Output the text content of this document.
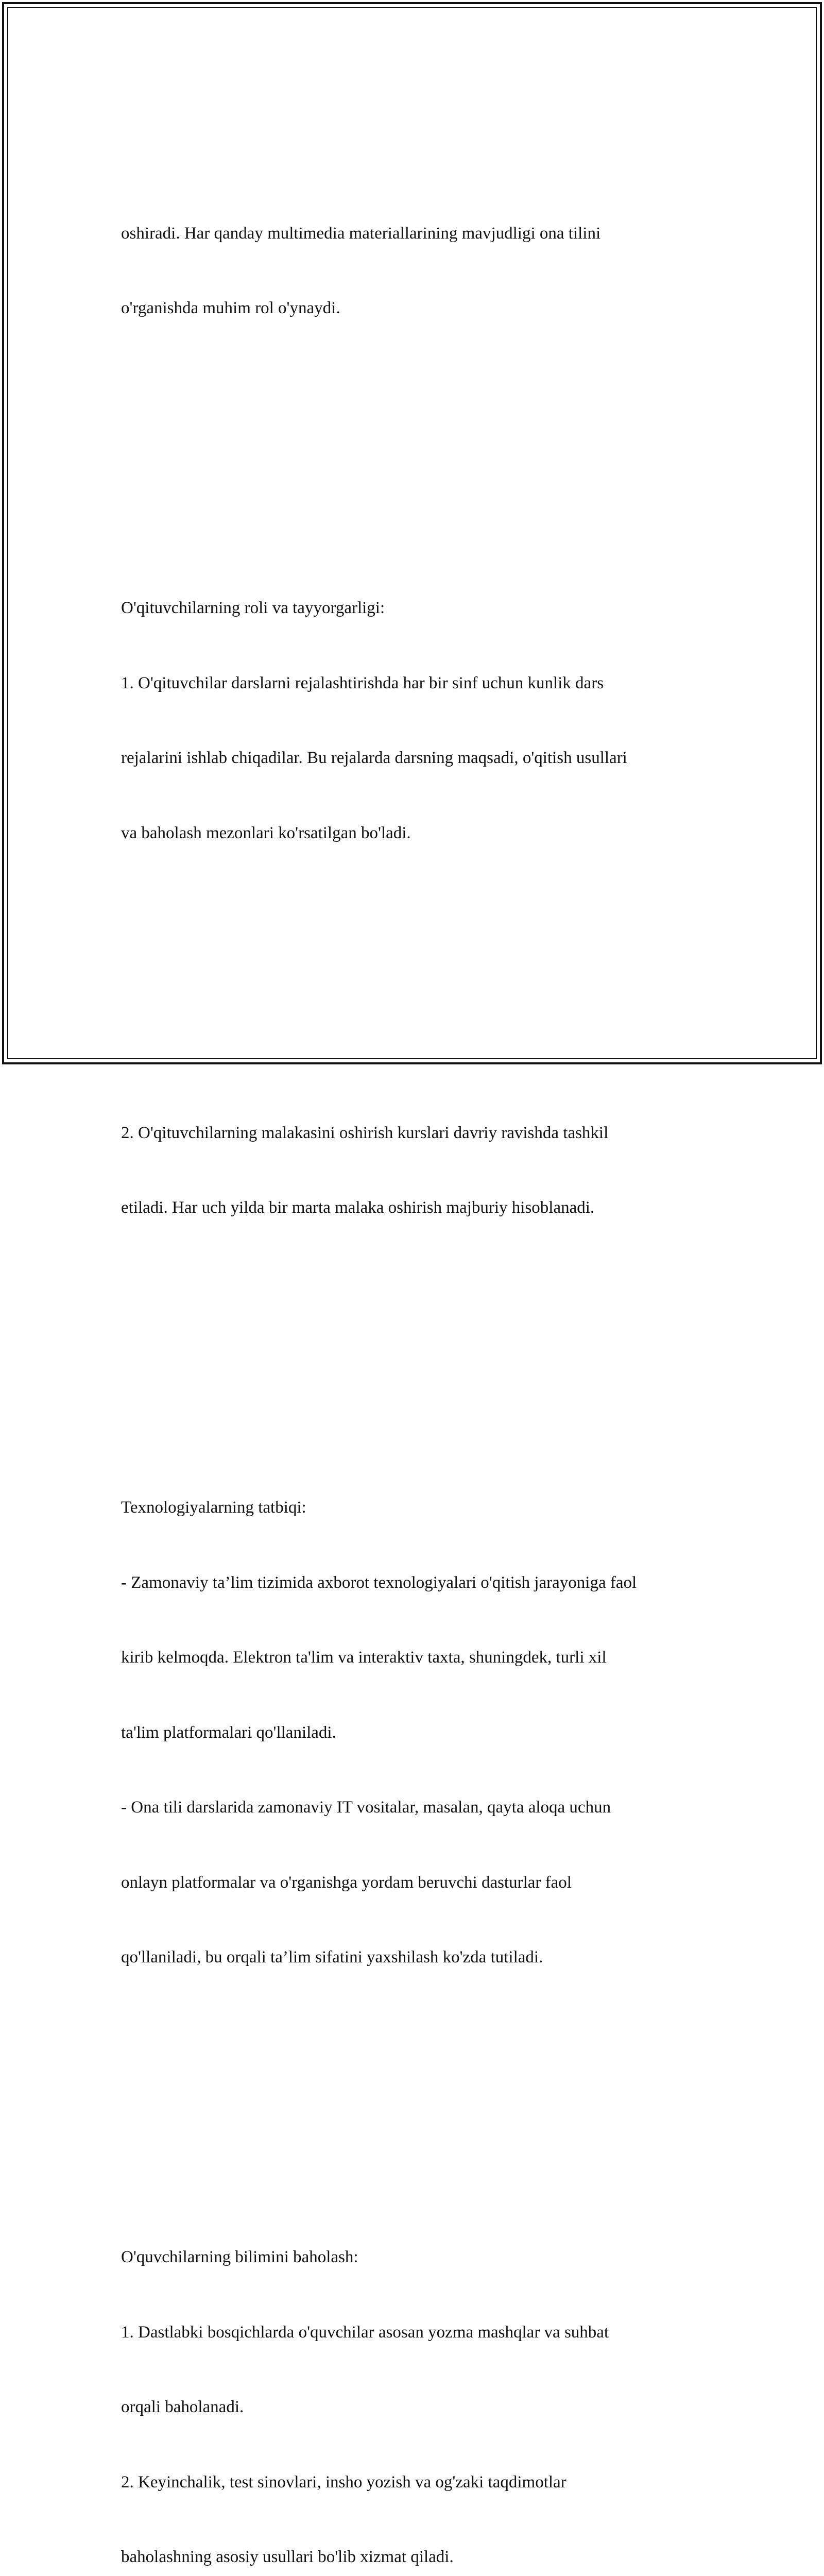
oshiradi. Har qanday multimedia materiallarining mavjudligi ona tilini

o'rganishda muhim rol o'ynaydi.

O'qituvchilarning roli va tayyorgarligi:

1. O'qituvchilar darslarni rejalashtirishda har bir sinf uchun kunlik dars

rejalarini ishlab chiqadilar. Bu rejalarda darsning maqsadi, o'qitish usullari

va baholash mezonlari ko'rsatilgan bo'ladi.

2. O'qituvchilarning malakasini oshirish kurslari davriy ravishda tashkil

etiladi. Har uch yilda bir marta malaka oshirish majburiy hisoblanadi.

Texnologiyalarning tatbiqi:

- Zamonaviy ta’lim tizimida axborot texnologiyalari o'qitish jarayoniga faol

kirib kelmoqda. Elektron ta'lim va interaktiv taxta, shuningdek, turli xil

ta'lim platformalari qo'llaniladi.

- Ona tili darslarida zamonaviy IT vositalar, masalan, qayta aloqa uchun

onlayn platformalar va o'rganishga yordam beruvchi dasturlar faol

qo'llaniladi, bu orqali ta’lim sifatini yaxshilash ko'zda tutiladi.

O'quvchilarning bilimini baholash:

1. Dastlabki bosqichlarda o'quvchilar asosan yozma mashqlar va suhbat

orqali baholanadi.

2. Keyinchalik, test sinovlari, insho yozish va og'zaki taqdimotlar

baholashning asosiy usullari bo'lib xizmat qiladi.
